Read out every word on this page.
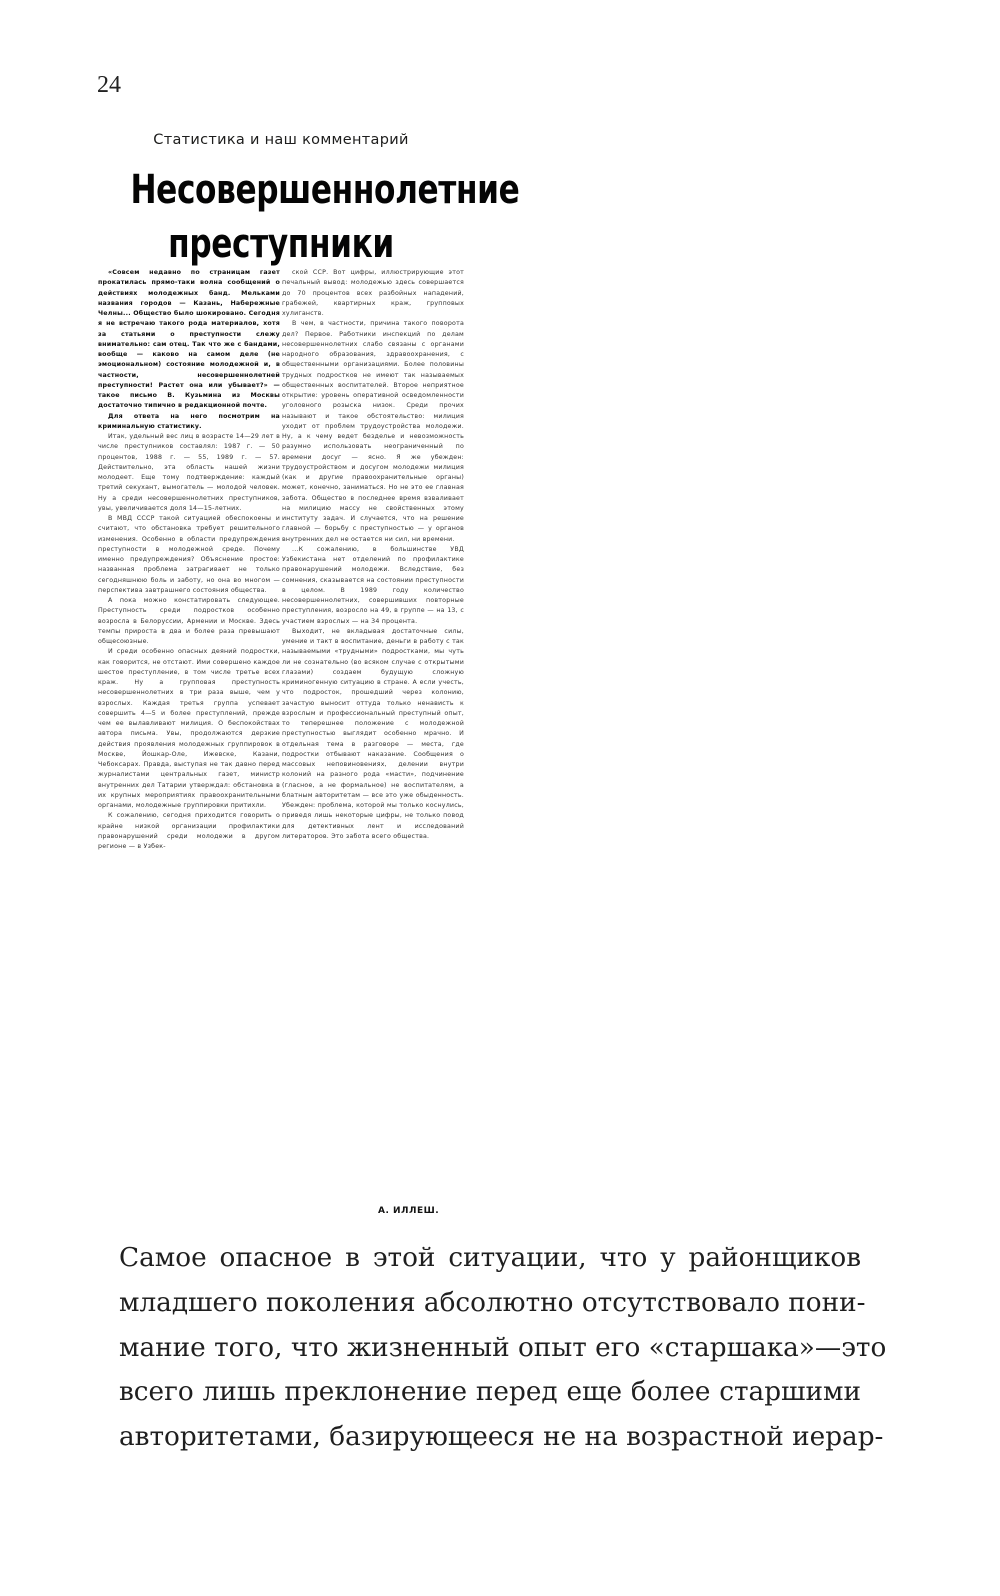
24
Статистика и наш комментарий
Несовершеннолетние
преступники

«Совсем недавно по страницам газет прокатилась прямо-таки волна сообщений о действиях молодежных банд. Мельками названия городов — Казань, Набережные Челны... Общество было шокировано. Сегодня я не встречаю такого рода материалов, хотя за статьями о преступности слежу внимательно: сам отец. Так что же с бандами, вообще — каково на самом деле (не эмоциональном) состояние молодежной и, в частности, несовершеннолетней преступности! Растет она или убывает?» — такое письмо В. Кузьмина из Москвы достаточно типично в редакционной почте.

Для ответа на него посмотрим на криминальную статистику.

Итак, удельный вес лиц в возрасте 14—29 лет в числе преступников составлял: 1987 г. — 50 процентов, 1988 г. — 55, 1989 г. — 57. Действительно, эта область нашей жизни молодеет. Еще тому подтверждение: каждый третий секухант, вымогатель — молодой человек. Ну а среди несовершеннолетних преступников, увы, увеличивается доля 14—15-летних.

В МВД СССР такой ситуацией обеспокоены и считают, что обстановка требует решительного изменения. Особенно в области предупреждения преступности в молодежной среде. Почему именно предупреждения? Объяснение простое: названная проблема затрагивает не только сегодняшнюю боль и заботу, но она во многом — перспектива завтрашнего состояния общества.

А пока можно констатировать следующее. Преступность среди подростков особенно возросла в Белоруссии, Армении и Москве. Здесь темпы прироста в два и более раза превышают общесоюзные.

И среди особенно опасных деяний подростки, как говорится, не отстают. Ими совершено каждое шестое преступление, в том числе третье всех краж. Ну а групповая преступность несовершеннолетних в три раза выше, чем у взрослых. Каждая третья группа успевает совершить 4—5 и более преступлений, прежде чем ее вылавливают милиция. О беспокойствах автора письма. Увы, продолжаются дерзкие действия проявления молодежных группировок в Москве, Йошкар-Оле, Ижевске, Казани, Чебоксарах. Правда, выступая не так давно перед журналистами центральных газет, министр внутренних дел Татарии утверждал: обстановка в их крупных мероприятиях правоохранительными органами, молодежные группировки притихли.

К сожалению, сегодня приходится говорить о крайне низкой организации профилактики правонарушений среди молодежи в другом регионе — в Узбек-

ской ССР. Вот цифры, иллюстрирующие этот печальный вывод: молодежью здесь совершается до 70 процентов всех разбойных нападений, грабежей, квартирных краж, групповых хулиганств.

В чем, в частности, причина такого поворота дел? Первое. Работники инспекций по делам несовершеннолетних слабо связаны с органами народного образования, здравоохранения, с общественными организациями. Более половины трудных подростков не имеют так называемых общественных воспитателей. Второе неприятное открытие: уровень оперативной осведомленности уголовного розыска низок. Среди прочих называют и такое обстоятельство: милиция уходит от проблем трудоустройства молодежи. Ну, а к чему ведет безделье и невозможность разумно использовать неограниченный по времени досуг — ясно. Я же убежден: трудоустройством и досугом молодежи милиция (как и другие правоохранительные органы) может, конечно, заниматься. Но не это ее главная забота. Общество в последнее время взваливает на милицию массу не свойственных этому институту задач. И случается, что на решение главной — борьбу с преступностью — у органов внутренних дел не остается ни сил, ни времени.

...К сожалению, в большинстве УВД Узбекистана нет отделений по профилактике правонарушений молодежи. Вследствие, без сомнения, сказывается на состоянии преступности в целом. В 1989 году количество несовершеннолетних, совершивших повторные преступления, возросло на 49, в группе — на 13, с участием взрослых — на 34 процента.

Выходит, не вкладывая достаточные силы, умение и такт в воспитание, деньги в работу с так называемыми «трудными» подростками, мы чуть ли не сознательно (во всяком случае с открытыми глазами) создаем будущую сложную криминогенную ситуацию в стране. А если учесть, что подросток, прошедший через колонию, зачастую выносит оттуда только ненависть к взрослым и профессиональный преступный опыт, то теперешнее положение с молодежной преступностью выглядит особенно мрачно. И отдельная тема в разговоре — места, где подростки отбывают наказание. Сообщения о массовых неповиновениях, делении внутри колоний на разного рода «масти», подчинение (гласное, а не формальное) не воспитателям, а блатным авторитетам — все это уже обыденность. Убежден: проблема, которой мы только коснулись, приведя лишь некоторые цифры, не только повод для детективных лент и исследований литераторов. Это забота всего общества.

А. ИЛЛЕШ.
Самое опасное в этой ситуации, что у районщиков
младшего поколения абсолютно отсутствовало пони-
мание того, что жизненный опыт его «старшака»—это
всего лишь преклонение перед еще более старшими
авторитетами, базирующееся не на возрастной иерар-
